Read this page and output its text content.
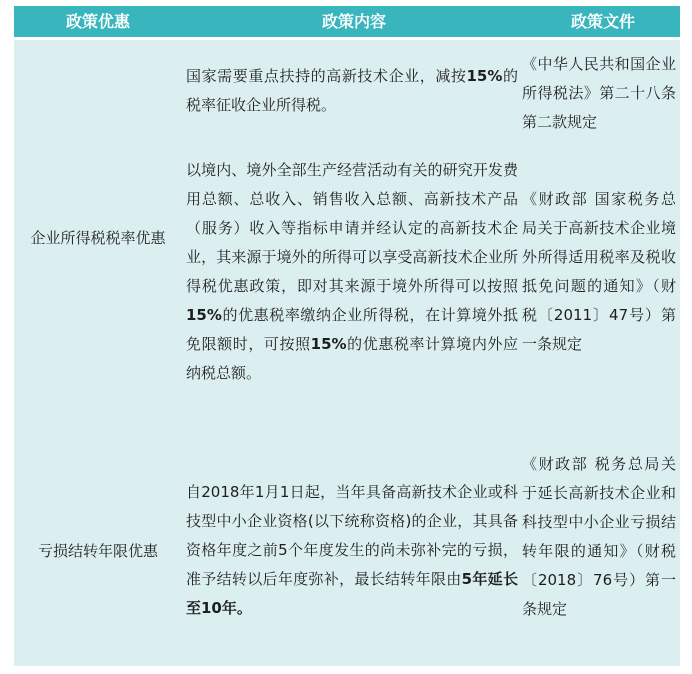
政策优惠	政策内容	政策文件
企业所得税税率优惠
国家需要重点扶持的高新技术企业，减按15%的税率征收企业所得税。
《中华人民共和国企业所得税法》第二十八条第二款规定
以境内、境外全部生产经营活动有关的研究开发费用总额、总收入、销售收入总额、高新技术产品（服务）收入等指标申请并经认定的高新技术企业，其来源于境外的所得可以享受高新技术企业所得税优惠政策，即对其来源于境外所得可以按照15%的优惠税率缴纳企业所得税，在计算境外抵免限额时，可按照15%的优惠税率计算境内外应纳税总额。
《财政部 国家税务总局关于高新技术企业境外所得适用税率及税收抵免问题的通知》（财税〔2011〕47号）第一条规定
亏损结转年限优惠
自2018年1月1日起，当年具备高新技术企业或科技型中小企业资格(以下统称资格)的企业，其具备资格年度之前5个年度发生的尚未弥补完的亏损，准予结转以后年度弥补，最长结转年限由5年延长至10年。
《财政部 税务总局关于延长高新技术企业和科技型中小企业亏损结转年限的通知》（财税〔2018〕76号）第一条规定
